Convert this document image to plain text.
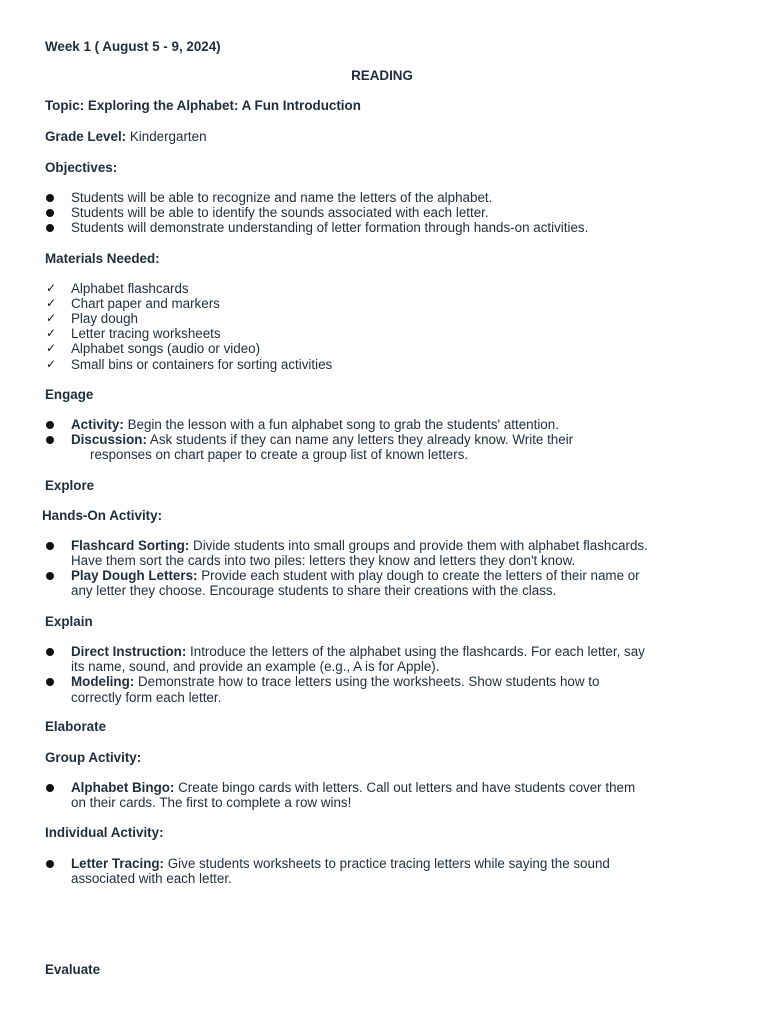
Week 1 ( August 5 - 9, 2024)
READING
Topic: Exploring the Alphabet: A Fun Introduction
Grade Level: Kindergarten
Objectives:
Students will be able to recognize and name the letters of the alphabet.
Students will be able to identify the sounds associated with each letter.
Students will demonstrate understanding of letter formation through hands-on activities.
Materials Needed:
✓ Alphabet flashcards
✓ Chart paper and markers
✓ Play dough
✓ Letter tracing worksheets
✓ Alphabet songs (audio or video)
✓ Small bins or containers for sorting activities
Engage
Activity: Begin the lesson with a fun alphabet song to grab the students' attention.
Discussion: Ask students if they can name any letters they already know. Write their
responses on chart paper to create a group list of known letters.
Explore
Hands-On Activity:
Flashcard Sorting: Divide students into small groups and provide them with alphabet flashcards.
Have them sort the cards into two piles: letters they know and letters they don't know.
Play Dough Letters: Provide each student with play dough to create the letters of their name or
any letter they choose. Encourage students to share their creations with the class.
Explain
Direct Instruction: Introduce the letters of the alphabet using the flashcards. For each letter, say
its name, sound, and provide an example (e.g., A is for Apple).
Modeling: Demonstrate how to trace letters using the worksheets. Show students how to
correctly form each letter.
Elaborate
Group Activity:
Alphabet Bingo: Create bingo cards with letters. Call out letters and have students cover them
on their cards. The first to complete a row wins!
Individual Activity:
Letter Tracing: Give students worksheets to practice tracing letters while saying the sound
associated with each letter.
Evaluate
